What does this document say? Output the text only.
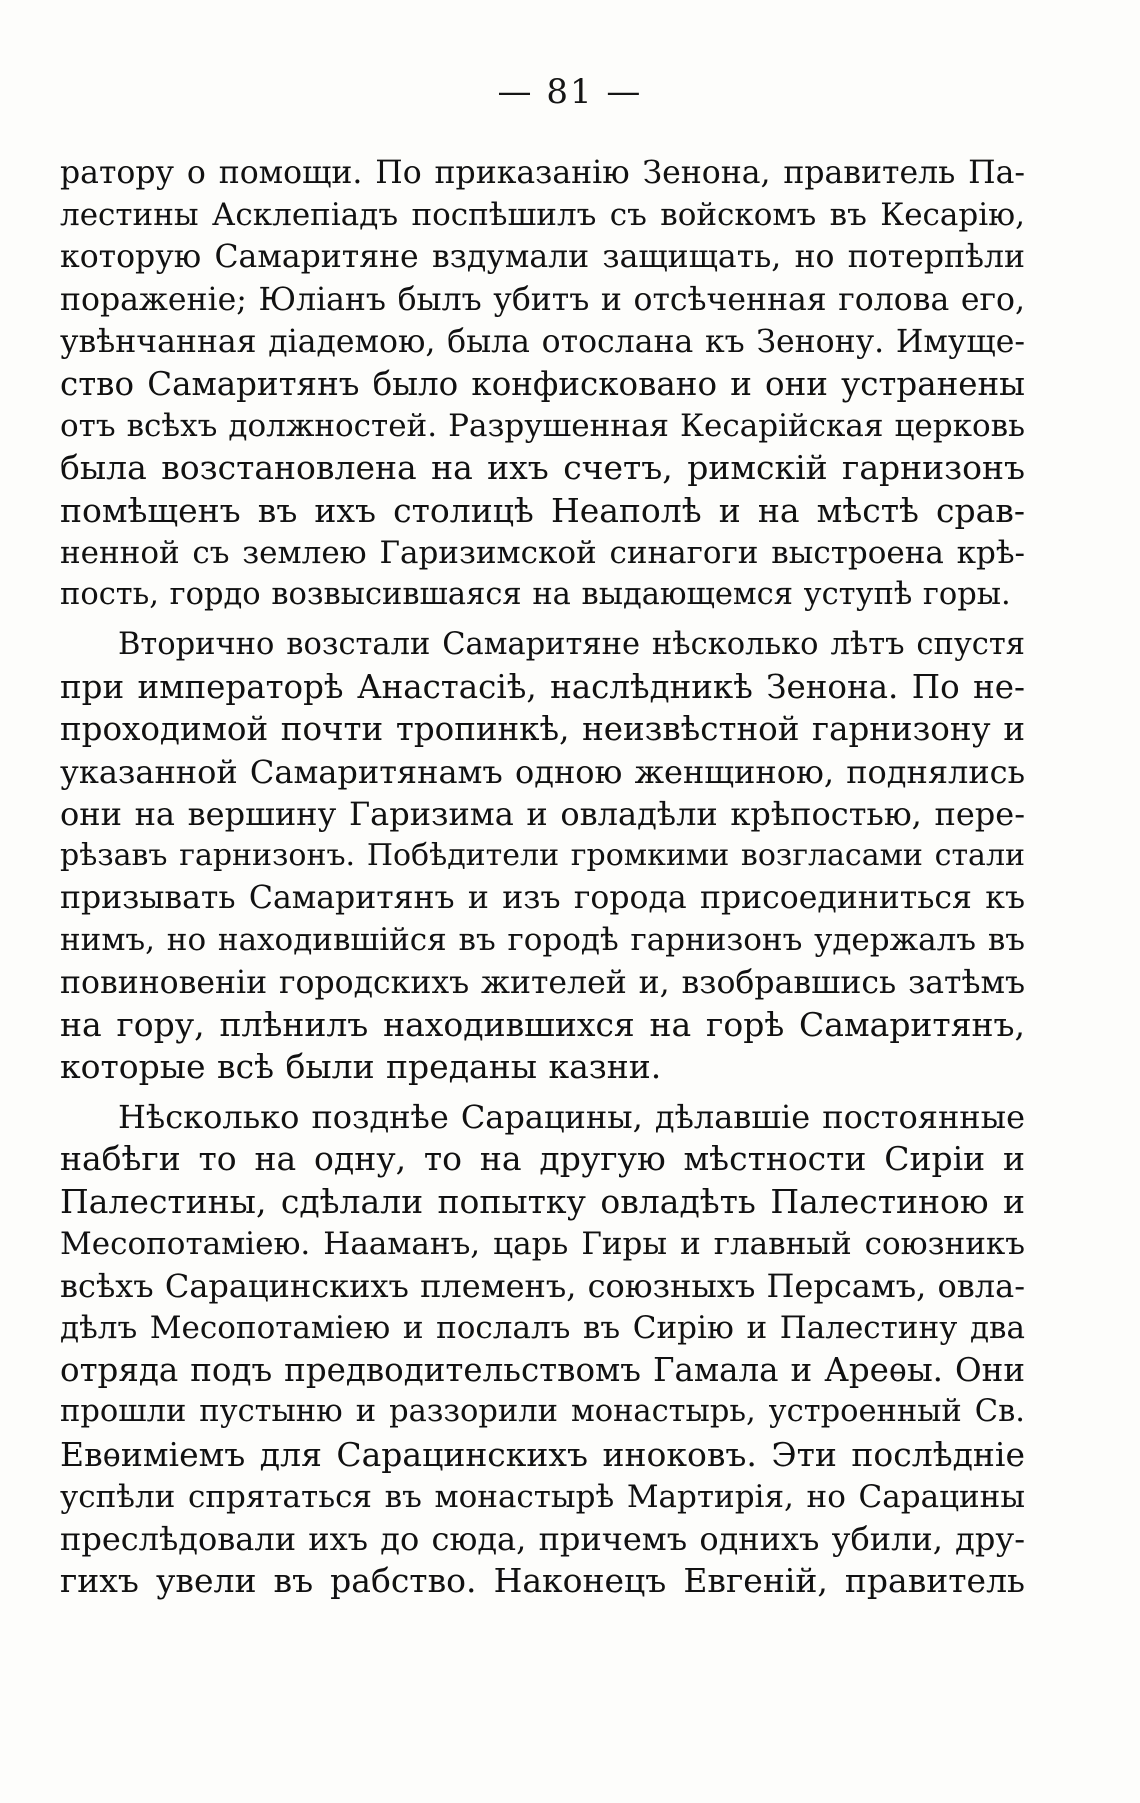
— 81 —

ратору о помощи. По приказанію Зенона, правитель Па-
лестины Асклепіадъ поспѣшилъ съ войскомъ въ Кесарію,
которую Самаритяне вздумали защищать, но потерпѣли
пораженіе; Юліанъ былъ убитъ и отсѣченная голова его,
увѣнчанная діадемою, была отослана къ Зенону. Имуще-
ство Самаритянъ было конфисковано и они устранены
отъ всѣхъ должностей. Разрушенная Кесарійская церковь
была возстановлена на ихъ счетъ, римскій гарнизонъ
помѣщенъ въ ихъ столицѣ Неаполѣ и на мѣстѣ срав-
ненной съ землею Гаризимской синагоги выстроена крѣ-
пость, гордо возвысившаяся на выдающемся уступѣ горы.

Вторично возстали Самаритяне нѣсколько лѣтъ спустя
при императорѣ Анастасіѣ, наслѣдникѣ Зенона. По не-
проходимой почти тропинкѣ, неизвѣстной гарнизону и
указанной Самаритянамъ одною женщиною, поднялись
они на вершину Гаризима и овладѣли крѣпостью, пере-
рѣзавъ гарнизонъ. Побѣдители громкими возгласами стали
призывать Самаритянъ и изъ города присоединиться къ
нимъ, но находившійся въ городѣ гарнизонъ удержалъ въ
повиновеніи городскихъ жителей и, взобравшись затѣмъ
на гору, плѣнилъ находившихся на горѣ Самаритянъ,
которые всѣ были преданы казни.

Нѣсколько позднѣе Сарацины, дѣлавшіе постоянные
набѣги то на одну, то на другую мѣстности Сиріи и
Палестины, сдѣлали попытку овладѣть Палестиною и
Месопотаміею. Нааманъ, царь Гиры и главный союзникъ
всѣхъ Сарацинскихъ племенъ, союзныхъ Персамъ, овла-
дѣлъ Месопотаміею и послалъ въ Сирію и Палестину два
отряда подъ предводительствомъ Гамала и Ареѳы. Они
прошли пустыню и раззорили монастырь, устроенный Св.
Евѳиміемъ для Сарацинскихъ иноковъ. Эти послѣдніе
успѣли спрятаться въ монастырѣ Мартирія, но Сарацины
преслѣдовали ихъ до сюда, причемъ однихъ убили, дру-
гихъ увели въ рабство. Наконецъ Евгеній, правитель
